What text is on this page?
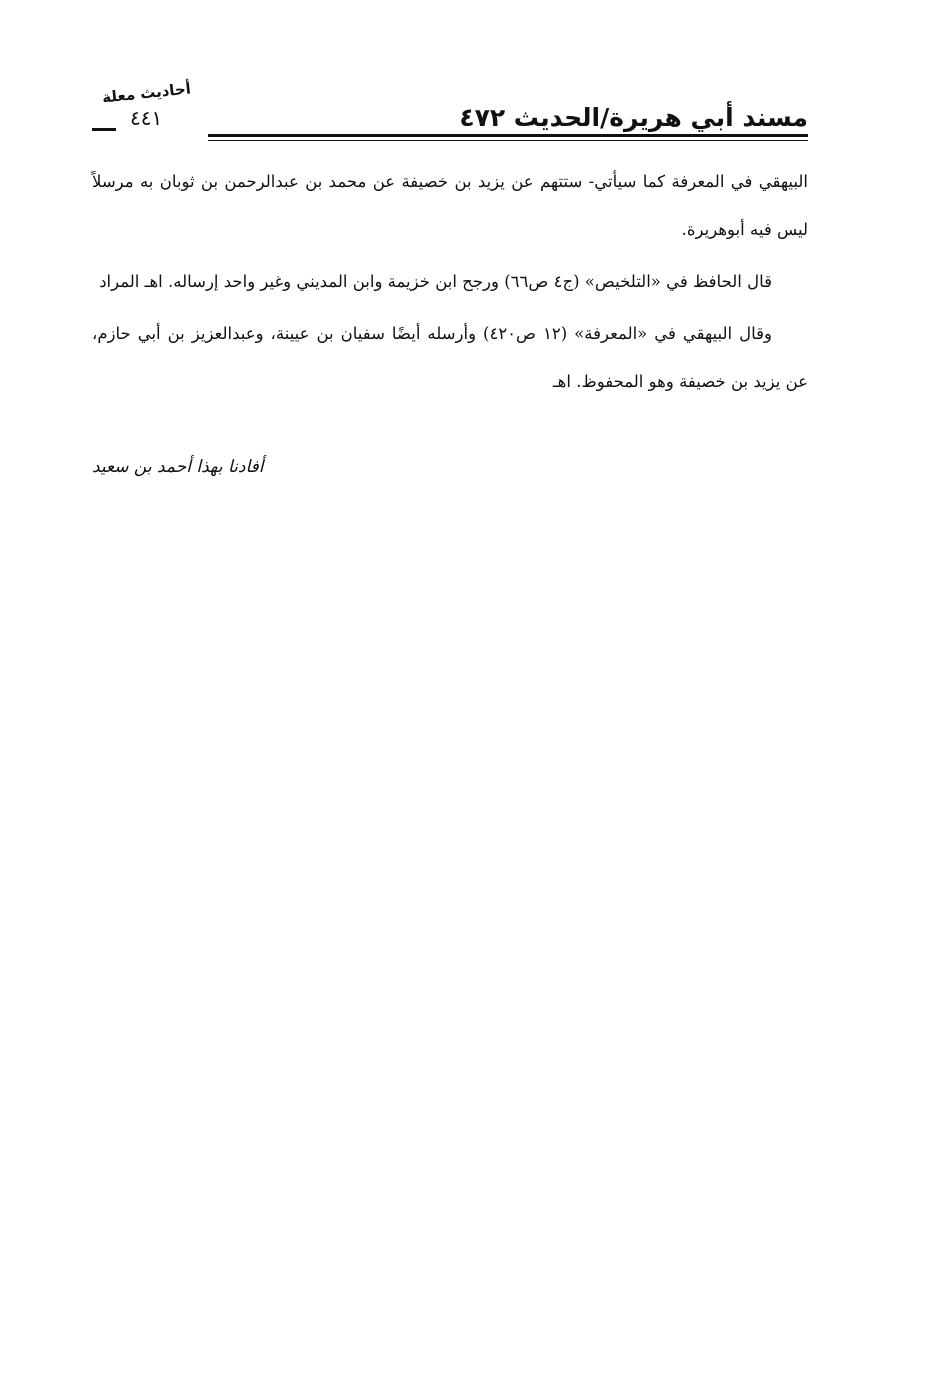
أحاديث معلة
٤٤١	مسند أبي هريرة/الحديث ٤٧٢

البيهقي في المعرفة كما سيأتي- ستتهم عن يزيد بن خصيفة عن محمد بن عبدالرحمن بن ثوبان به مرسلاً ليس فيه أبوهريرة.

قال الحافظ في «التلخيص» (ج٤ ص٦٦) ورجح ابن خزيمة وابن المديني وغير واحد إرساله. اهـ المراد

وقال البيهقي في «المعرفة» (١٢ ص٤٢٠) وأرسله أيضًا سفيان بن عيينة، وعبدالعزيز بن أبي حازم، عن يزيد بن خصيفة وهو المحفوظ. اهـ

أفادنا بهذا أحمد بن سعيد
